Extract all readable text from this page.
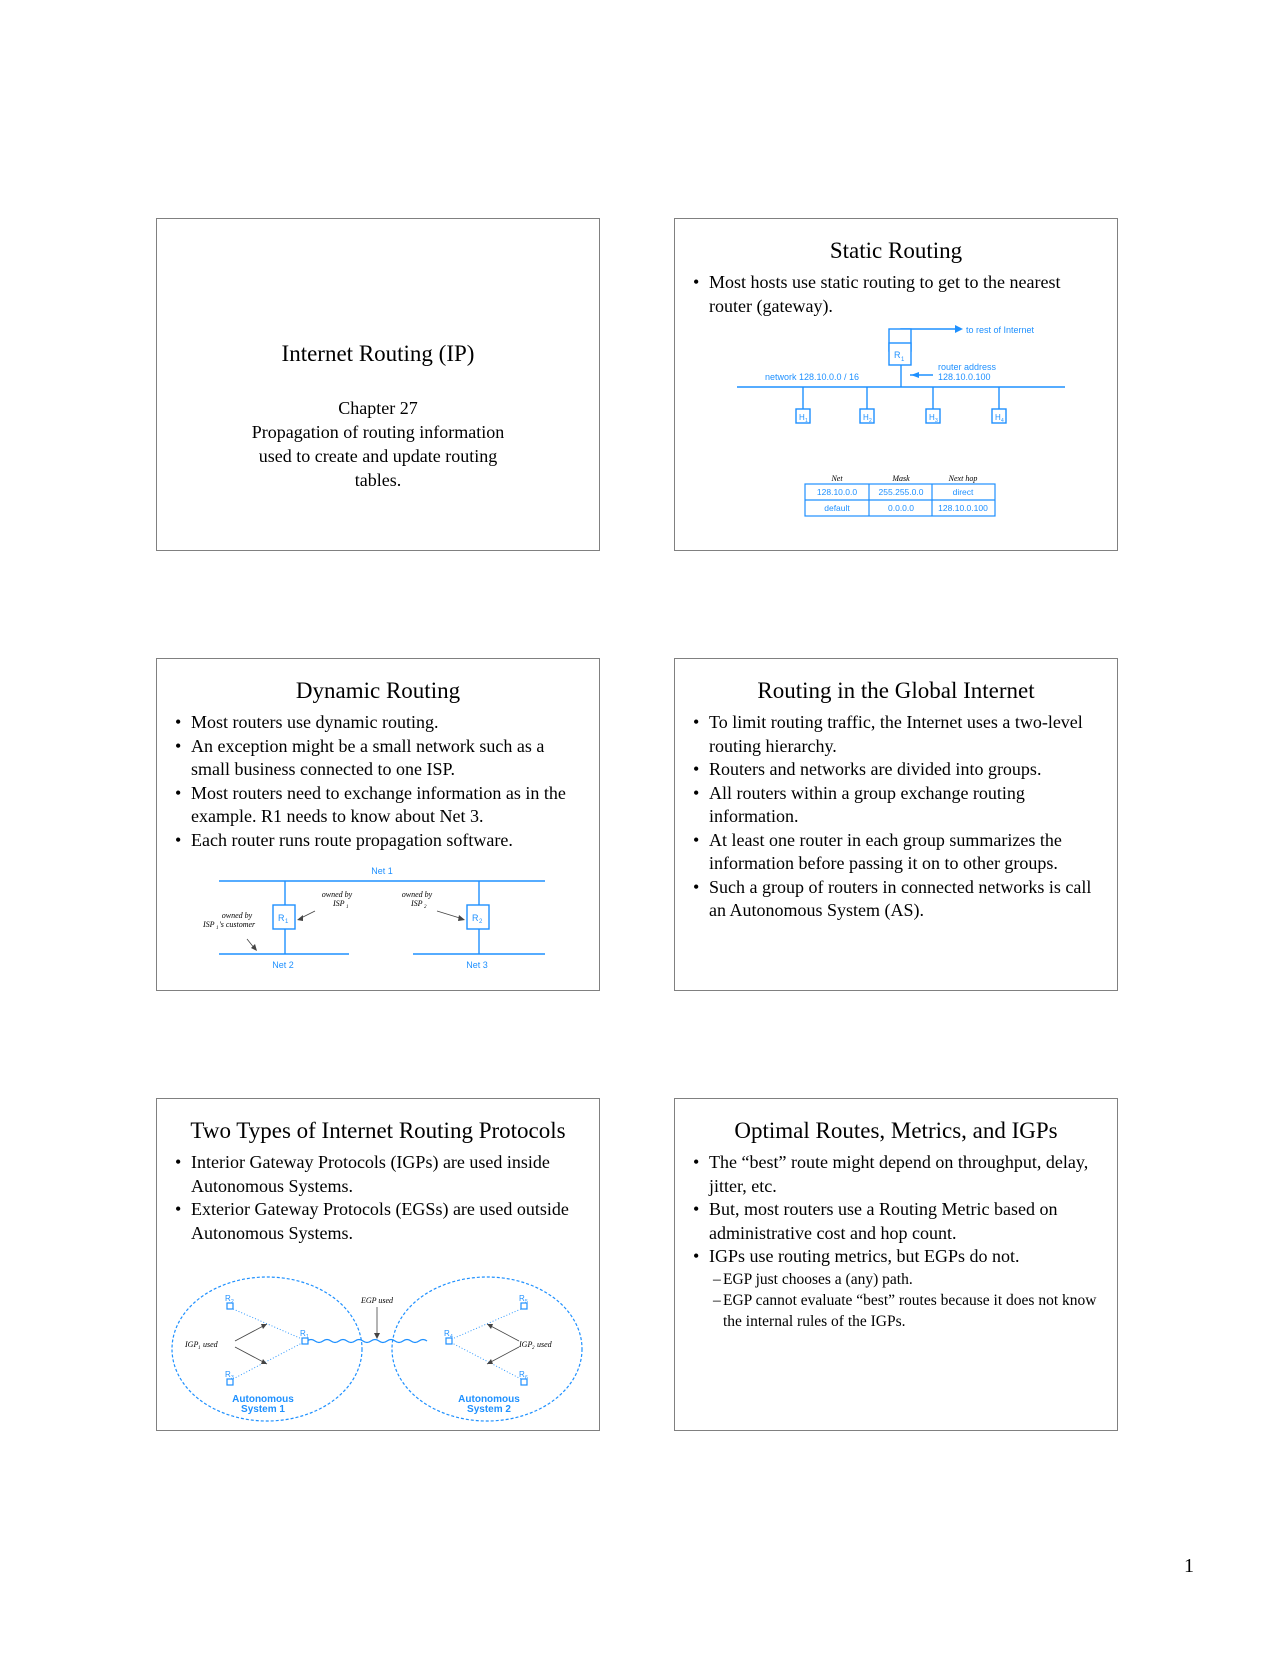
Internet Routing (IP)
Chapter 27
Propagation of routing information
used to create and update routing
tables.
Static Routing
• Most hosts use static routing to get to the nearest router (gateway).
to rest of Internet
R 1
router address
128.10.0.100
network 128.10.0.0 / 16
H 1	H 2	H 3	H 4
Net	Mask	Next hop
128.10.0.0	255.255.0.0	direct
default	0.0.0.0	128.10.0.100
Dynamic Routing
• Most routers use dynamic routing.
• An exception might be a small network such as a small business connected to one ISP.
• Most routers need to exchange information as in the example. R1 needs to know about Net 3.
• Each router runs route propagation software.
Net 1
Net 2	Net 3
R 1	R 2
owned by
ISP 1
owned by
ISP 2
owned by
ISP 1 's customer
Routing in the Global Internet
• To limit routing traffic, the Internet uses a two-level routing hierarchy.
• Routers and networks are divided into groups.
• All routers within a group exchange routing information.
• At least one router in each group summarizes the information before passing it on to other groups.
• Such a group of routers in connected networks is call an Autonomous System (AS).
Two Types of Internet Routing Protocols
• Interior Gateway Protocols (IGPs) are used inside Autonomous Systems.
• Exterior Gateway Protocols (EGSs) are used outside Autonomous Systems.
EGP used
IGP 1 used	IGP 2 used
R 2
R 1
R 3
R 5
R 4
R 6
Autonomous
System 1
Autonomous
System 2
Optimal Routes, Metrics, and IGPs
• The “best” route might depend on throughput, delay, jitter, etc.
• But, most routers use a Routing Metric based on administrative cost and hop count.
• IGPs use routing metrics, but EGPs do not.
– EGP just chooses a (any) path.
– EGP cannot evaluate “best” routes because it does not know the internal rules of the IGPs.
1
